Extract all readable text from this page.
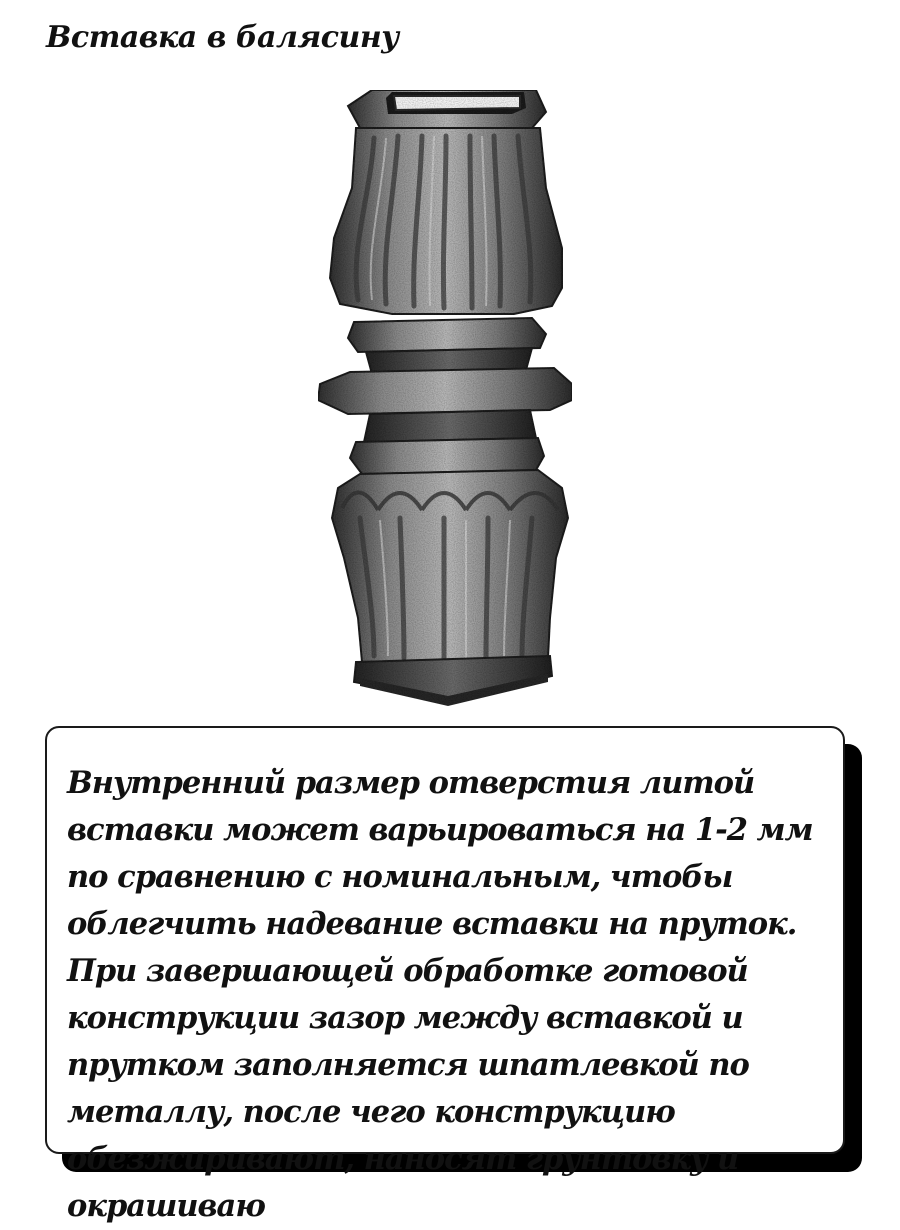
Вставка в балясину

Внутренний размер отверстия литой вставки может варьироваться на 1-2 мм по сравнению с номинальным, чтобы облегчить надевание вставки на пруток. При завершающей обработке готовой конструкции зазор между вставкой и прутком заполняется шпатлевкой по металлу, после чего конструкцию обезжиривают, наносят грунтовку и окрашиваю
